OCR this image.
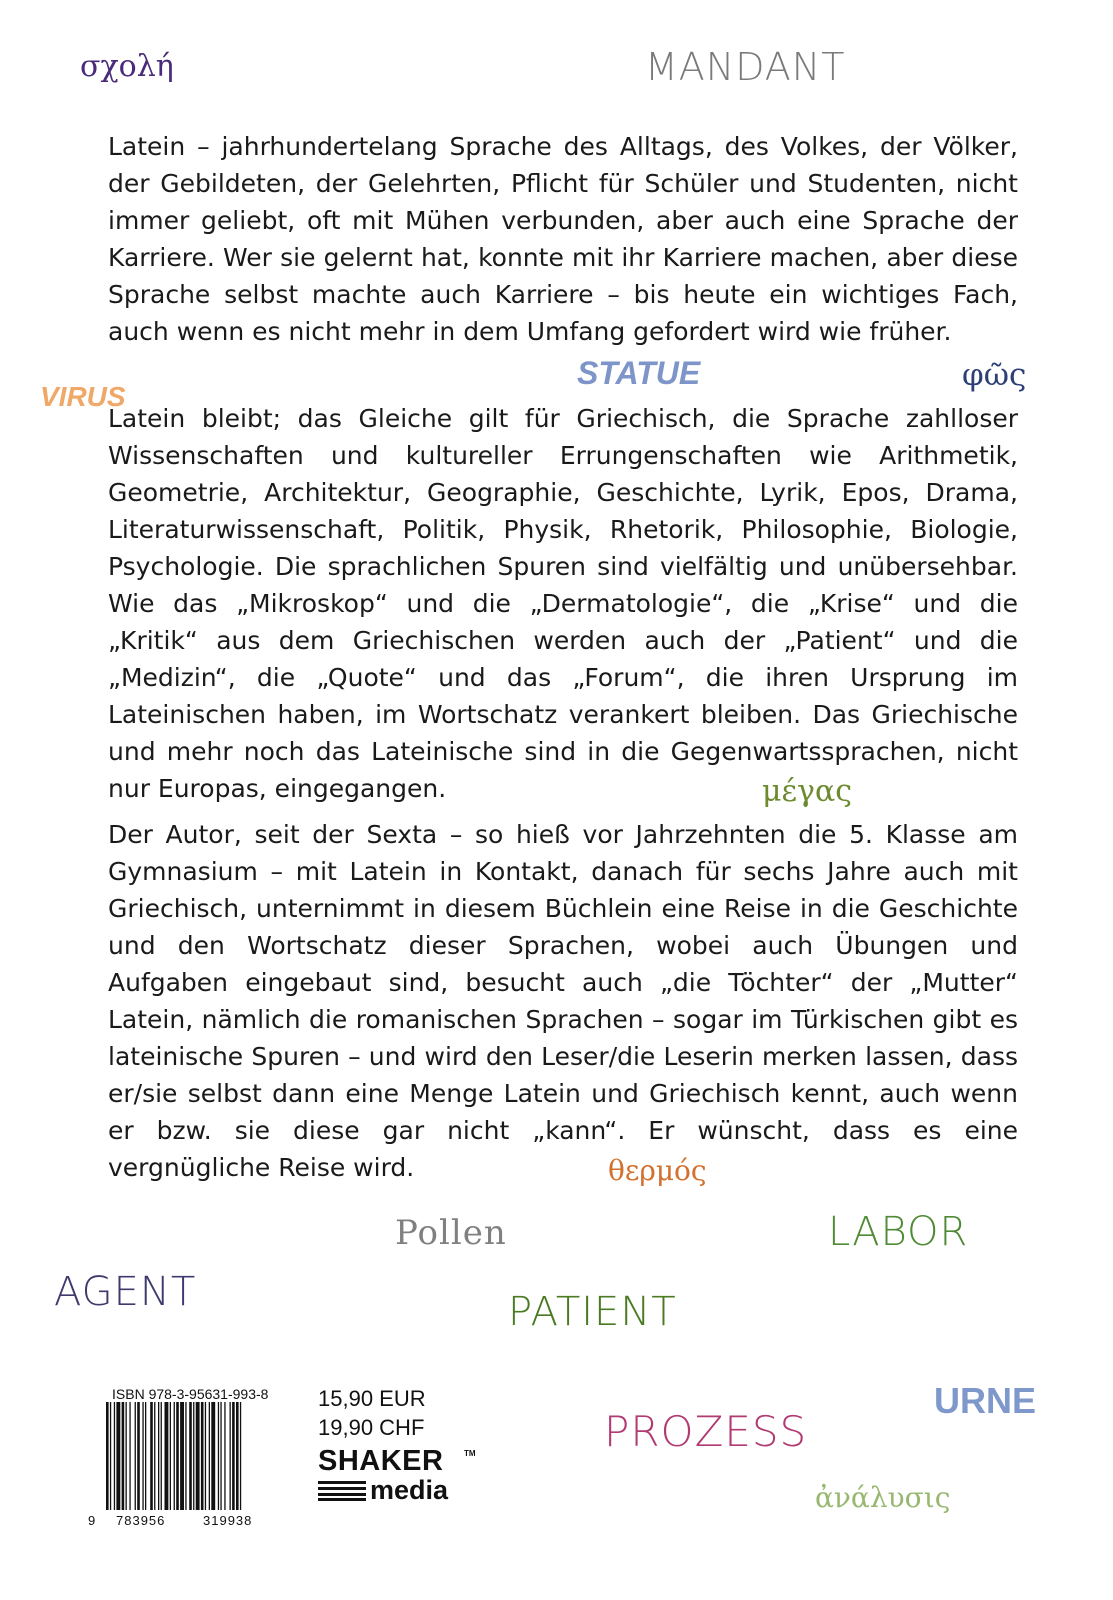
σχολή	MANDANT
VIRUS
STATUE	φῶς
μέγας
θερμός
Pollen	LABOR
AGENT	PATIENT
URNE
PROZESS
ἀνάλυσις

Latein – jahrhundertelang Sprache des Alltags, des Volkes, der Völker, der Gebildeten, der Gelehrten, Pflicht für Schüler und Studenten, nicht immer geliebt, oft mit Mühen verbunden, aber auch eine Sprache der Karriere. Wer sie gelernt hat, konnte mit ihr Karriere machen, aber diese Sprache selbst machte auch Karriere – bis heute ein wichtiges Fach, auch wenn es nicht mehr in dem Umfang gefordert wird wie früher.

Latein bleibt; das Gleiche gilt für Griechisch, die Sprache zahlloser Wissenschaften und kultureller Errungenschaften wie Arithmetik, Geometrie, Architektur, Geographie, Geschichte, Lyrik, Epos, Drama, Literaturwissenschaft, Politik, Physik, Rhetorik, Philosophie, Biologie, Psychologie. Die sprachlichen Spuren sind vielfältig und unübersehbar. Wie das „Mikroskop“ und die „Dermatologie“, die „Krise“ und die „Kritik“ aus dem Griechischen werden auch der „Patient“ und die „Medizin“, die „Quote“ und das „Forum“, die ihren Ursprung im Lateinischen haben, im Wortschatz verankert bleiben. Das Griechische und mehr noch das Lateinische sind in die Gegenwartssprachen, nicht nur Europas, eingegangen.

Der Autor, seit der Sexta – so hieß vor Jahrzehnten die 5. Klasse am Gymnasium – mit Latein in Kontakt, danach für sechs Jahre auch mit Griechisch, unternimmt in diesem Büchlein eine Reise in die Geschichte und den Wortschatz dieser Sprachen, wobei auch Übungen und Aufgaben eingebaut sind, besucht auch „die Töchter“ der „Mutter“ Latein, nämlich die romanischen Sprachen – sogar im Türkischen gibt es lateinische Spuren – und wird den Leser/die Leserin merken lassen, dass er/sie selbst dann eine Menge Latein und Griechisch kennt, auch wenn er bzw. sie diese gar nicht „kann“. Er wünscht, dass es eine vergnügliche Reise wird.

ISBN 978-3-95631-993-8
9 783956	319938
15,90 EUR
19,90 CHF
SHAKER	TM
media
